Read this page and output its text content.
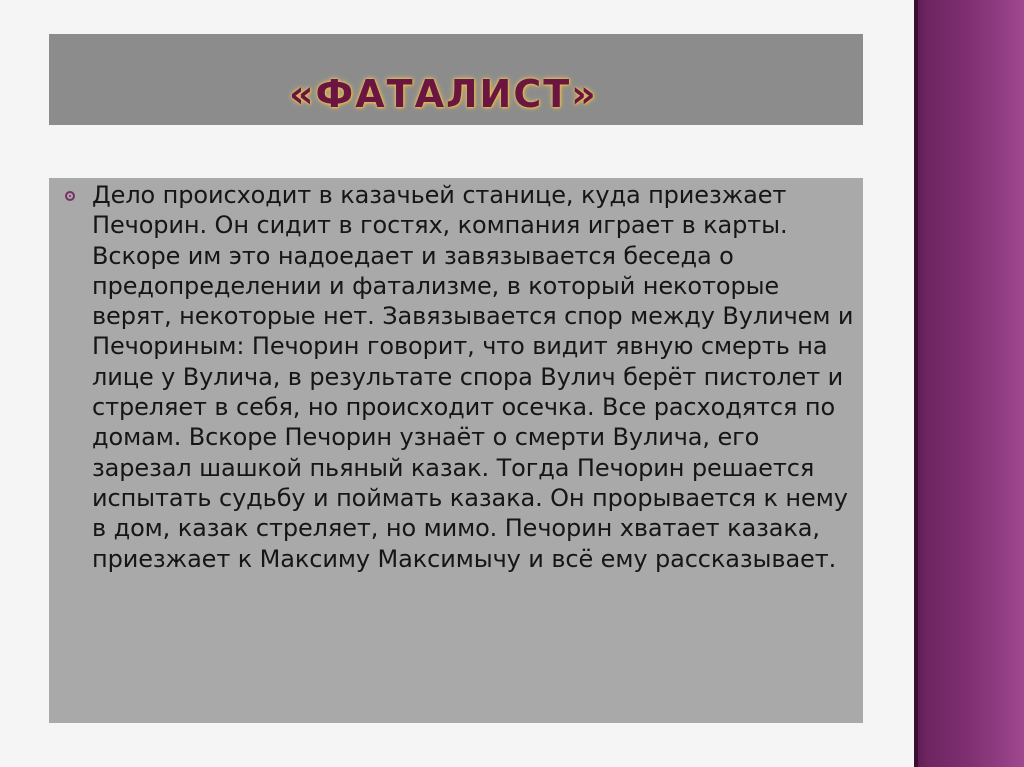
«ФАТАЛИСТ»

Дело происходит в казачьей станице, куда приезжает Печорин. Он сидит в гостях, компания играет в карты. Вскоре им это надоедает и завязывается беседа о предопределении и фатализме, в который некоторые верят, некоторые нет. Завязывается спор между Вуличем и Печориным: Печорин говорит, что видит явную смерть на лице у Вулича, в результате спора Вулич берёт пистолет и стреляет в себя, но происходит осечка. Все расходятся по домам. Вскоре Печорин узнаёт о смерти Вулича, его зарезал шашкой пьяный казак. Тогда Печорин решается испытать судьбу и поймать казака. Он прорывается к нему в дом, казак стреляет, но мимо. Печорин хватает казака, приезжает к Максиму Максимычу и всё ему рассказывает.
